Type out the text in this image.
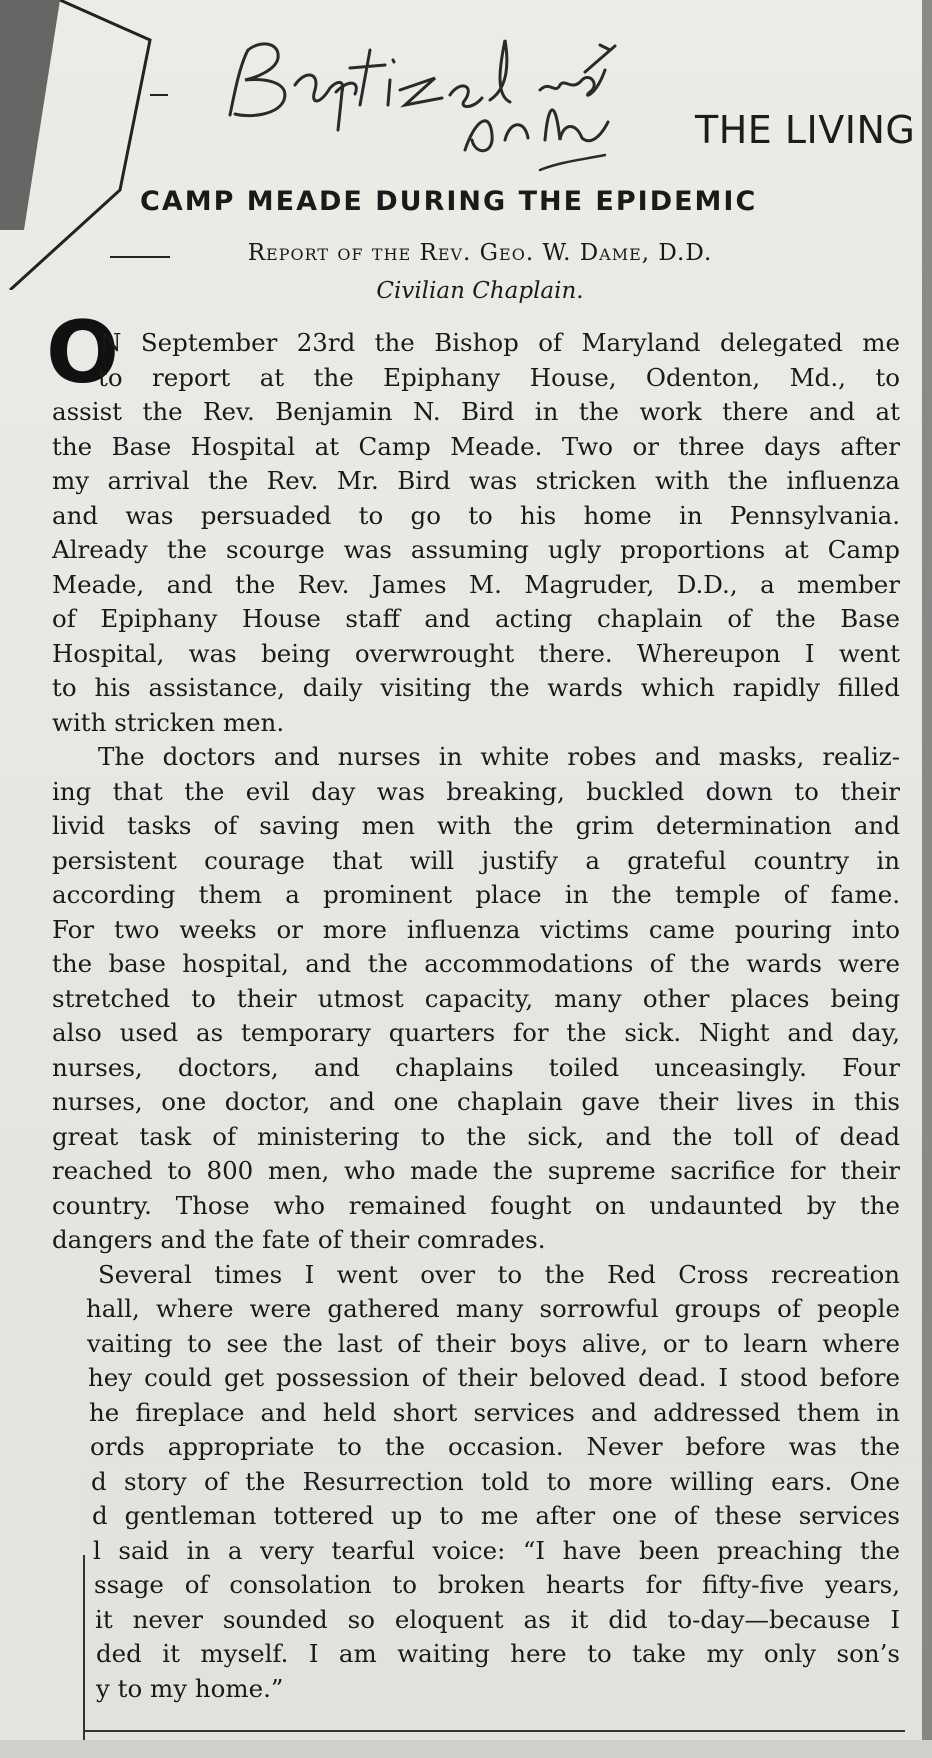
THE LIVING
CAMP MEADE DURING THE EPIDEMIC
Report of the Rev. Geo. W. Dame, D.D.
Civilian Chaplain.
O
N September 23rd the Bishop of Maryland delegated me
to report at the Epiphany House, Odenton, Md., to
assist the Rev. Benjamin N. Bird in the work there and at
the Base Hospital at Camp Meade. Two or three days after
my arrival the Rev. Mr. Bird was stricken with the influenza
and was persuaded to go to his home in Pennsylvania.
Already the scourge was assuming ugly proportions at Camp
Meade, and the Rev. James M. Magruder, D.D., a member
of Epiphany House staff and acting chaplain of the Base
Hospital, was being overwrought there. Whereupon I went
to his assistance, daily visiting the wards which rapidly filled
with stricken men.
The doctors and nurses in white robes and masks, realiz-
ing that the evil day was breaking, buckled down to their
livid tasks of saving men with the grim determination and
persistent courage that will justify a grateful country in
according them a prominent place in the temple of fame.
For two weeks or more influenza victims came pouring into
the base hospital, and the accommodations of the wards were
stretched to their utmost capacity, many other places being
also used as temporary quarters for the sick. Night and day,
nurses, doctors, and chaplains toiled unceasingly. Four
nurses, one doctor, and one chaplain gave their lives in this
great task of ministering to the sick, and the toll of dead
reached to 800 men, who made the supreme sacrifice for their
country. Those who remained fought on undaunted by the
dangers and the fate of their comrades.
Several times I went over to the Red Cross recreation
hall, where were gathered many sorrowful groups of people
vaiting to see the last of their boys alive, or to learn where
hey could get possession of their beloved dead. I stood before
he fireplace and held short services and addressed them in
ords appropriate to the occasion. Never before was the
d story of the Resurrection told to more willing ears. One
d gentleman tottered up to me after one of these services
l said in a very tearful voice: “I have been preaching the
ssage of consolation to broken hearts for fifty-five years,
it never sounded so eloquent as it did to-day—because I
ded it myself. I am waiting here to take my only son’s
y to my home.”
